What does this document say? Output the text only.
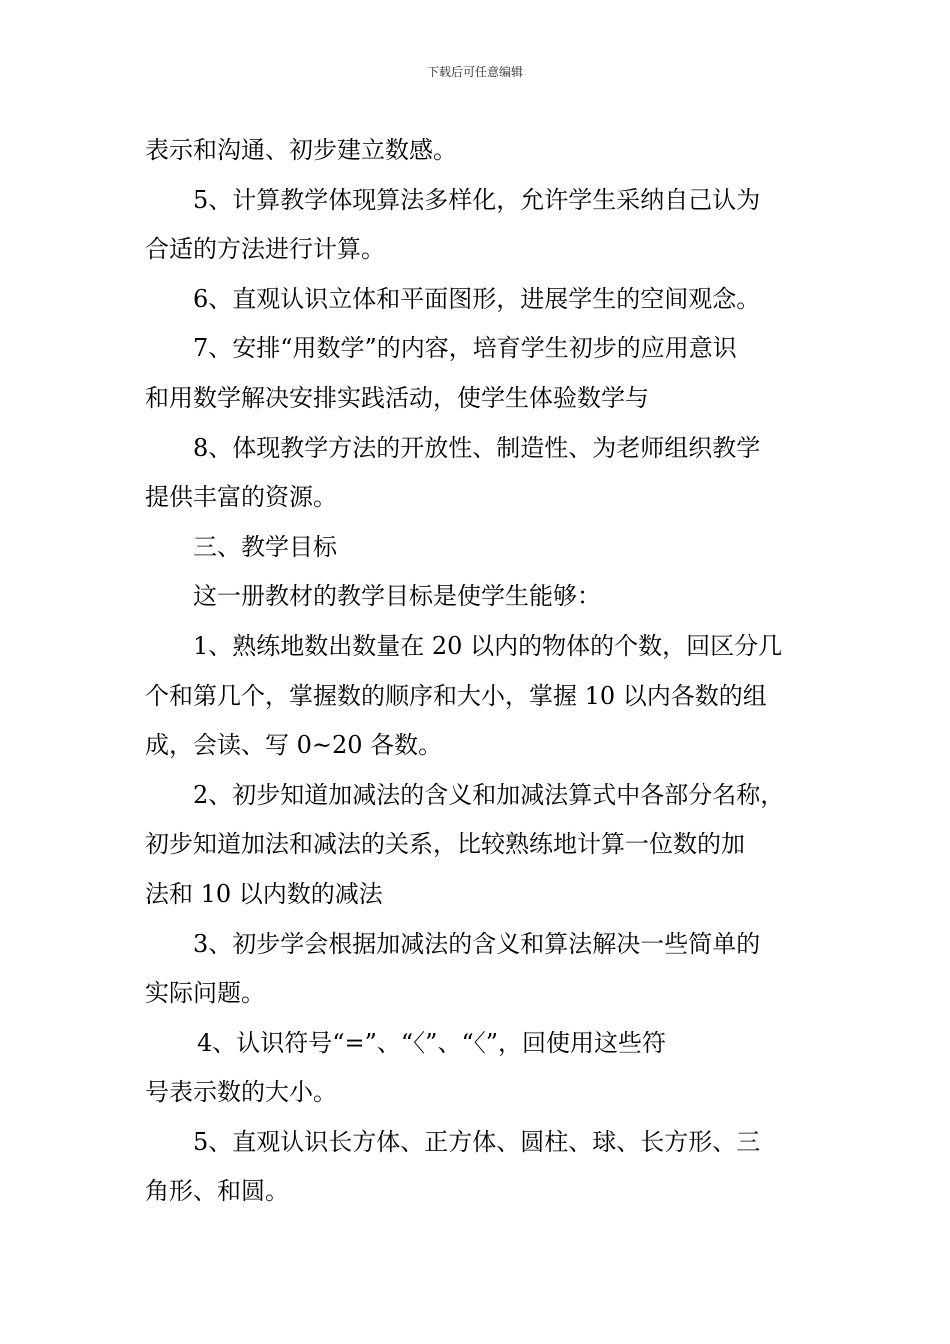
下载后可任意编辑

表示和沟通、初步建立数感。

5、计算教学体现算法多样化，允许学生采纳自己认为

合适的方法进行计算。

6、直观认识立体和平面图形，进展学生的空间观念。

7、安排“用数学”的内容，培育学生初步的应用意识

和用数学解决安排实践活动，使学生体验数学与

8、体现教学方法的开放性、制造性、为老师组织教学

提供丰富的资源。

三、教学目标

这一册教材的教学目标是使学生能够：

1、熟练地数出数量在 20 以内的物体的个数，回区分几

个和第几个，掌握数的顺序和大小，掌握 10 以内各数的组

成，会读、写 0~20 各数。

2、初步知道加减法的含义和加减法算式中各部分名称，

初步知道加法和减法的关系，比较熟练地计算一位数的加

法和 10 以内数的减法

3、初步学会根据加减法的含义和算法解决一些简单的

实际问题。

4、认识符号“=”、“〈”、“〈”，回使用这些符

号表示数的大小。

5、直观认识长方体、正方体、圆柱、球、长方形、三

角形、和圆。
